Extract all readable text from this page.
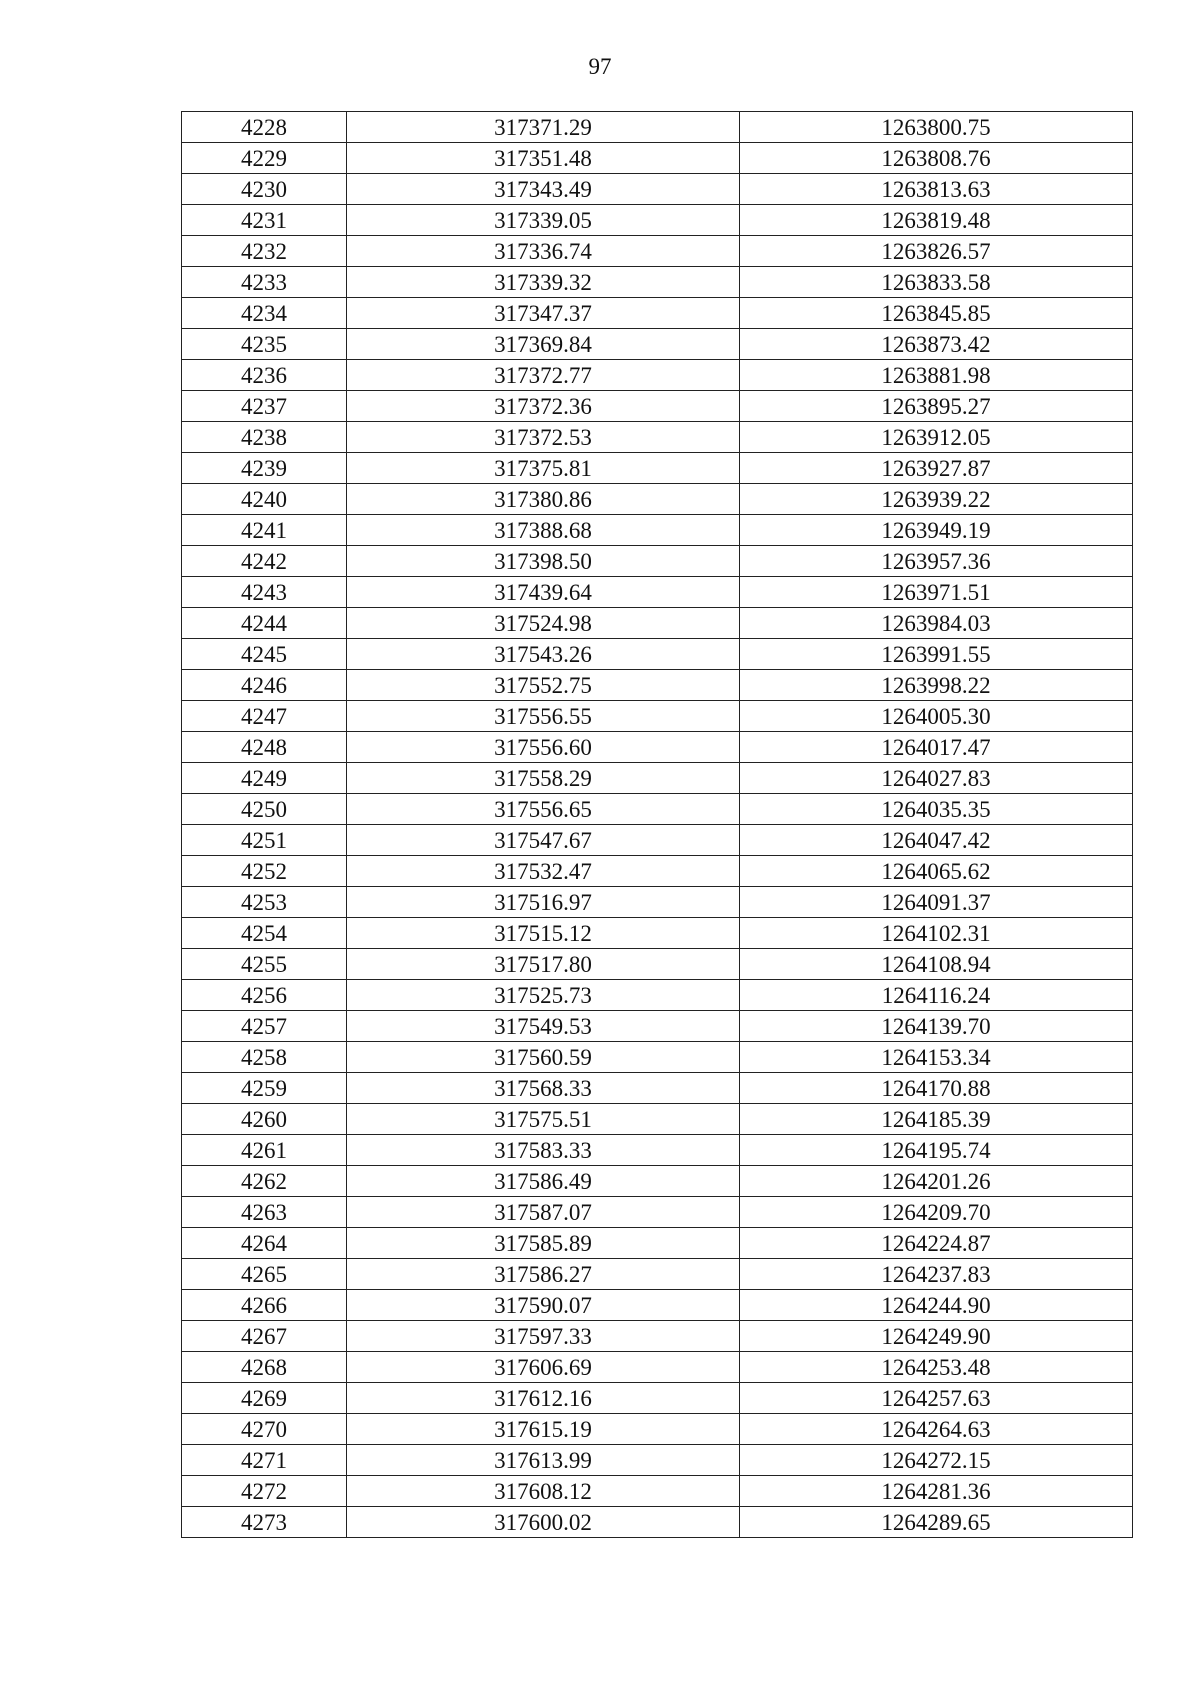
97
4228	317371.29	1263800.75
4229	317351.48	1263808.76
4230	317343.49	1263813.63
4231	317339.05	1263819.48
4232	317336.74	1263826.57
4233	317339.32	1263833.58
4234	317347.37	1263845.85
4235	317369.84	1263873.42
4236	317372.77	1263881.98
4237	317372.36	1263895.27
4238	317372.53	1263912.05
4239	317375.81	1263927.87
4240	317380.86	1263939.22
4241	317388.68	1263949.19
4242	317398.50	1263957.36
4243	317439.64	1263971.51
4244	317524.98	1263984.03
4245	317543.26	1263991.55
4246	317552.75	1263998.22
4247	317556.55	1264005.30
4248	317556.60	1264017.47
4249	317558.29	1264027.83
4250	317556.65	1264035.35
4251	317547.67	1264047.42
4252	317532.47	1264065.62
4253	317516.97	1264091.37
4254	317515.12	1264102.31
4255	317517.80	1264108.94
4256	317525.73	1264116.24
4257	317549.53	1264139.70
4258	317560.59	1264153.34
4259	317568.33	1264170.88
4260	317575.51	1264185.39
4261	317583.33	1264195.74
4262	317586.49	1264201.26
4263	317587.07	1264209.70
4264	317585.89	1264224.87
4265	317586.27	1264237.83
4266	317590.07	1264244.90
4267	317597.33	1264249.90
4268	317606.69	1264253.48
4269	317612.16	1264257.63
4270	317615.19	1264264.63
4271	317613.99	1264272.15
4272	317608.12	1264281.36
4273	317600.02	1264289.65
